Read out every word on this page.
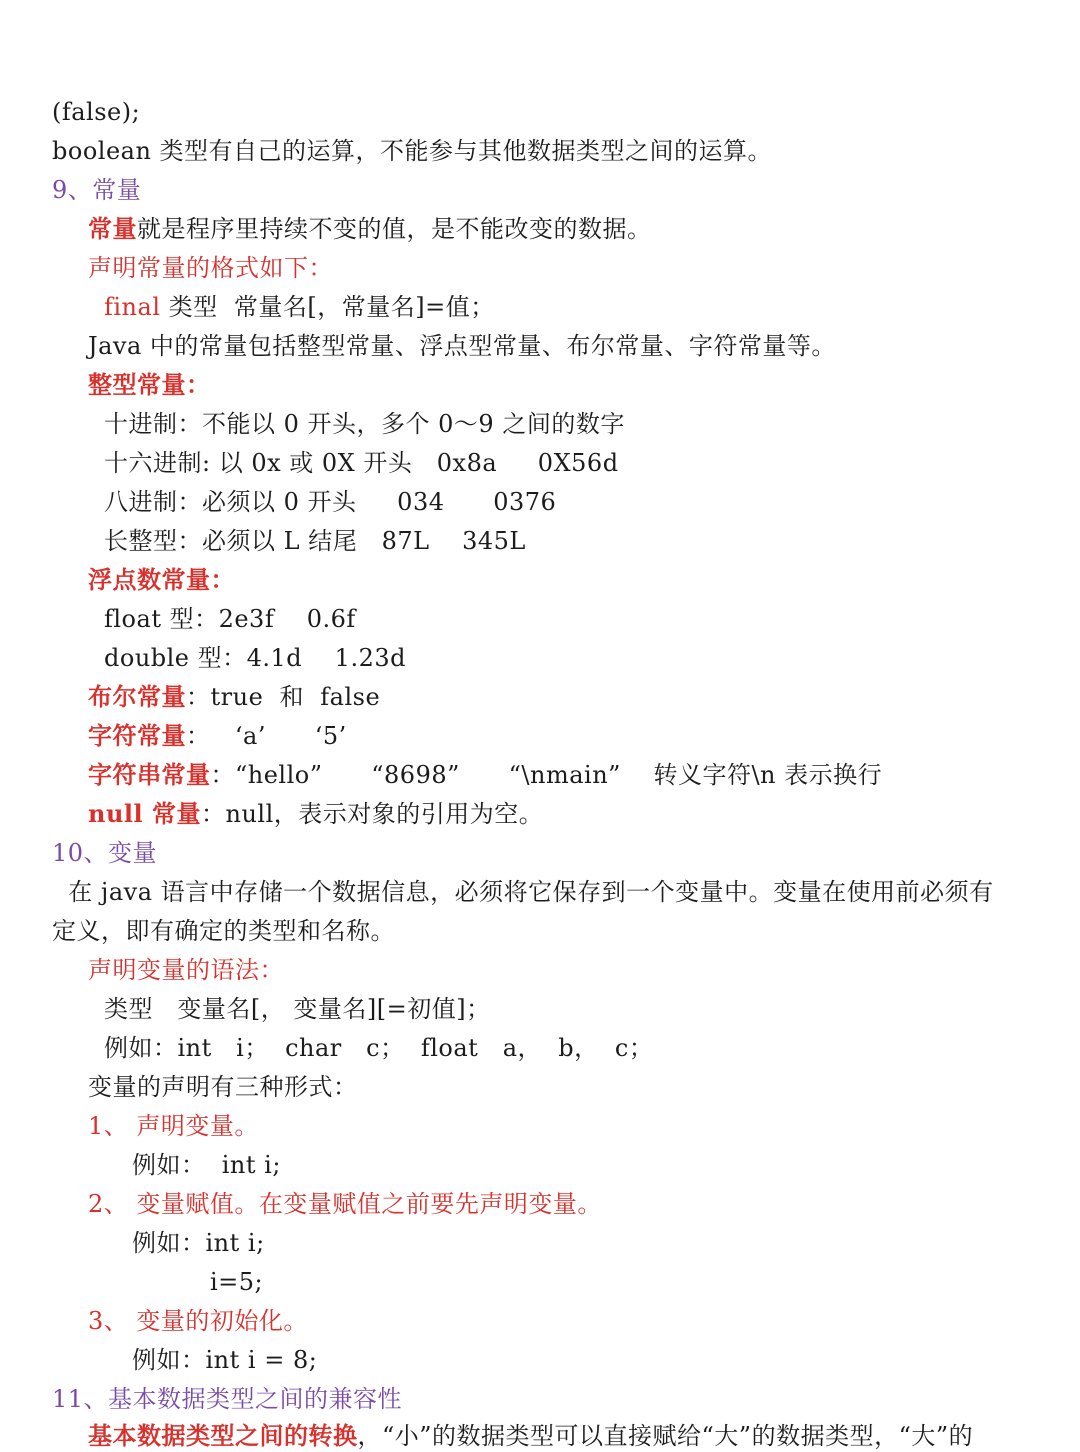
(false);
boolean 类型有自己的运算，不能参与其他数据类型之间的运算。
9、常量
常量就是程序里持续不变的值，是不能改变的数据。
声明常量的格式如下：
final 类型  常量名[，常量名]=值；
Java 中的常量包括整型常量、浮点型常量、布尔常量、字符常量等。
整型常量：
十进制：不能以 0 开头，多个 0～9 之间的数字
十六进制: 以 0x 或 0X 开头   0x8a     0X56d
八进制：必须以 0 开头     034      0376
长整型：必须以 L 结尾   87L    345L
浮点数常量：
float 型：2e3f    0.6f
double 型：4.1d    1.23d
布尔常量：true  和  false
字符常量：   ‘a’      ‘5’
字符串常量：“hello”      “8698”      “\nmain”    转义字符\n 表示换行
null 常量：null，表示对象的引用为空。
10、变量
在 java 语言中存储一个数据信息，必须将它保存到一个变量中。变量在使用前必须有
定义，即有确定的类型和名称。
声明变量的语法：
类型   变量名[， 变量名][=初值]；
例如：int   i；  char   c；  float   a，  b，  c；
变量的声明有三种形式：
1、 声明变量。
例如：  int i;
2、 变量赋值。在变量赋值之前要先声明变量。
例如：int i;
i=5;
3、 变量的初始化。
例如：int i = 8;
11、基本数据类型之间的兼容性
基本数据类型之间的转换，“小”的数据类型可以直接赋给“大”的数据类型，“大”的
